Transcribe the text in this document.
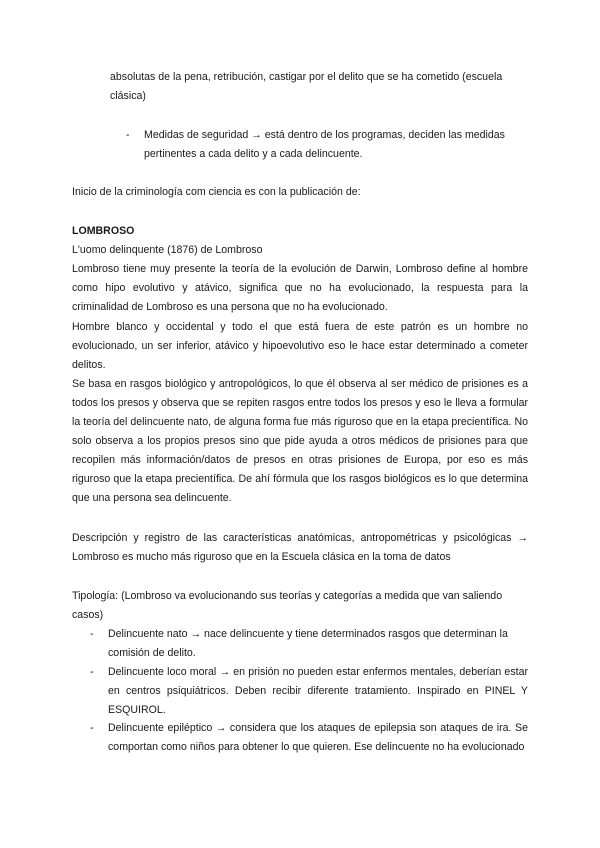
absolutas de la pena, retribución, castigar por el delito que se ha cometido (escuela clásica)

- Medidas de seguridad → está dentro de los programas, deciden las medidas pertinentes a cada delito y a cada delincuente.

Inicio de la criminología com ciencia es con la publicación de:

LOMBROSO

L'uomo delinquente (1876) de Lombroso

Lombroso tiene muy presente la teoría de la evolución de Darwin, Lombroso define al hombre como hipo evolutivo y atávico, significa que no ha evolucionado, la respuesta para la criminalidad de Lombroso es una persona que no ha evolucionado.

Hombre blanco y occidental y todo el que está fuera de este patrón es un hombre no evolucionado, un ser inferior, atávico y hipoevolutivo eso le hace estar determinado a cometer delitos.

Se basa en rasgos biológico y antropológicos, lo que él observa al ser médico de prisiones es a todos los presos y observa que se repiten rasgos entre todos los presos y eso le lleva a formular la teoría del delincuente nato, de alguna forma fue más riguroso que en la etapa precientífica. No solo observa a los propios presos sino que pide ayuda a otros médicos de prisiones para que recopilen más información/datos de presos en otras prisiones de Europa, por eso es más riguroso que la etapa precientífica. De ahí fórmula que los rasgos biológicos es lo que determina que una persona sea delincuente.

Descripción y registro de las características anatómicas, antropométricas y psicológicas → Lombroso es mucho más riguroso que en la Escuela clásica en la toma de datos

Tipología: (Lombroso va evolucionando sus teorías y categorías a medida que van saliendo casos)

- Delincuente nato → nace delincuente y tiene determinados rasgos que determinan la comisión de delito.

- Delincuente loco moral → en prisión no pueden estar enfermos mentales, deberían estar en centros psiquiátricos. Deben recibir diferente tratamiento. Inspirado en PINEL Y ESQUIROL.

- Delincuente epiléptico → considera que los ataques de epilepsia son ataques de ira. Se comportan como niños para obtener lo que quieren. Ese delincuente no ha evolucionado
